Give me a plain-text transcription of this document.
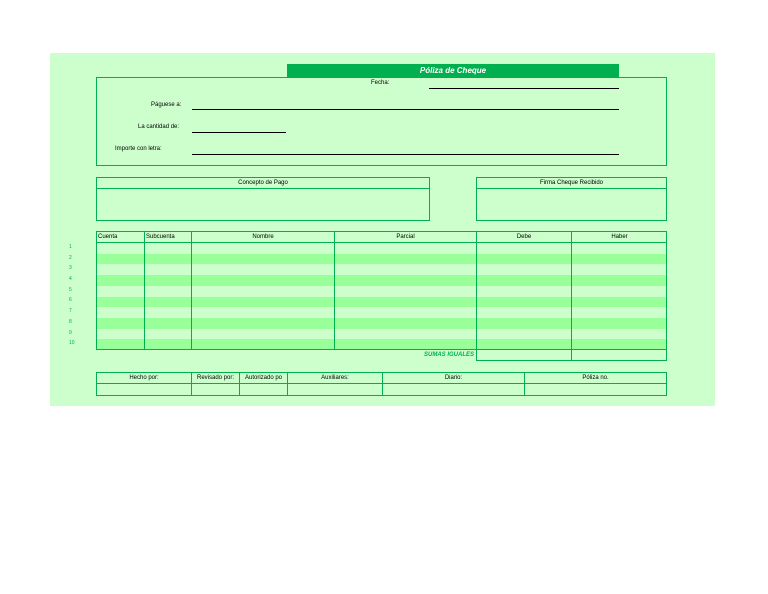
Póliza de Cheque
Fecha:
Páguese a:
La cantidad de:
Importe con letra:
Concepto de Pago	Firma Cheque Recibido
1
2
3
4
5
6
7
8
9
10
Cuenta	Subcuenta	Nombre	Parcial	Debe	Haber
SUMAS IGUALES
Hecho por:	Revisado por:	Autorizado po	Auxiliares:	Diario:	Póliza no.
